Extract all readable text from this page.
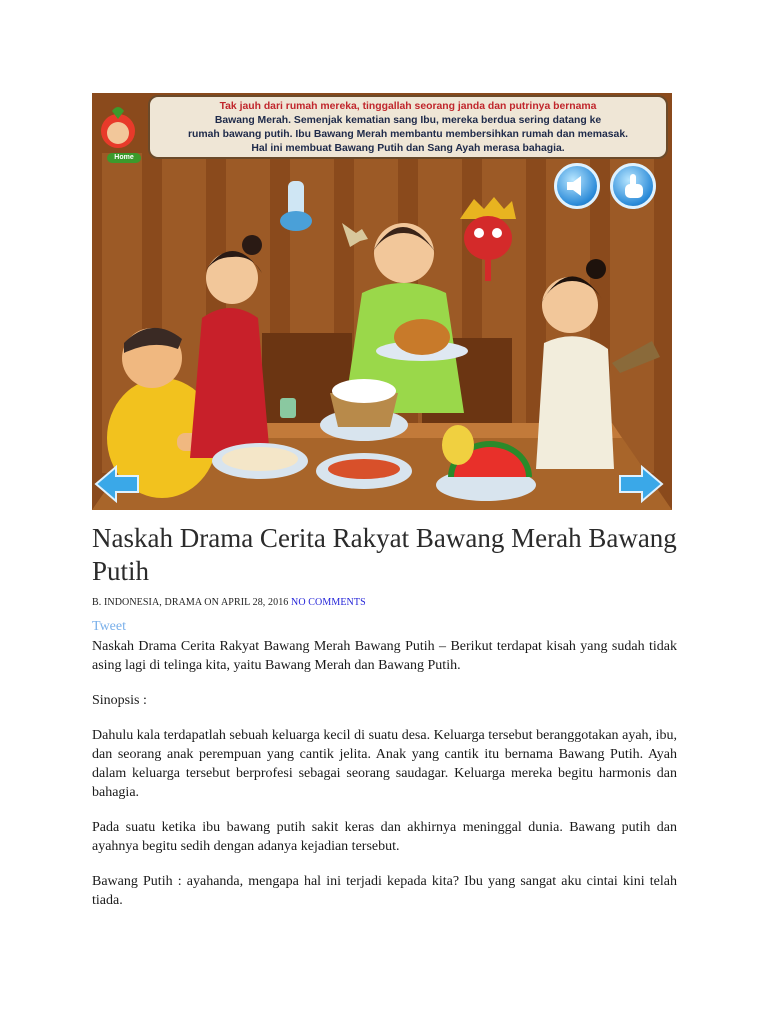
Tak jauh dari rumah mereka, tinggallah seorang janda dan putrinya bernama
Bawang Merah. Semenjak kematian sang Ibu, mereka berdua sering datang ke
rumah bawang putih. Ibu Bawang Merah membantu membersihkan rumah dan memasak.
Hal ini membuat Bawang Putih dan Sang Ayah merasa bahagia.
Home
Naskah Drama Cerita Rakyat Bawang Merah Bawang Putih
B. INDONESIA, DRAMA ON APRIL 28, 2016 NO COMMENTS
Tweet

Naskah Drama Cerita Rakyat Bawang Merah Bawang Putih – Berikut terdapat kisah yang sudah tidak asing lagi di telinga kita, yaitu Bawang Merah dan Bawang Putih.

Sinopsis :

Dahulu kala terdapatlah sebuah keluarga kecil di suatu desa. Keluarga tersebut beranggotakan ayah, ibu, dan seorang anak perempuan yang cantik jelita. Anak yang cantik itu bernama Bawang Putih. Ayah dalam keluarga tersebut berprofesi sebagai seorang saudagar. Keluarga mereka begitu harmonis dan bahagia.

Pada suatu ketika ibu bawang putih sakit keras dan akhirnya meninggal dunia. Bawang putih dan ayahnya begitu sedih dengan adanya kejadian tersebut.

Bawang Putih : ayahanda, mengapa hal ini terjadi kepada kita? Ibu yang sangat aku cintai kini telah tiada.
